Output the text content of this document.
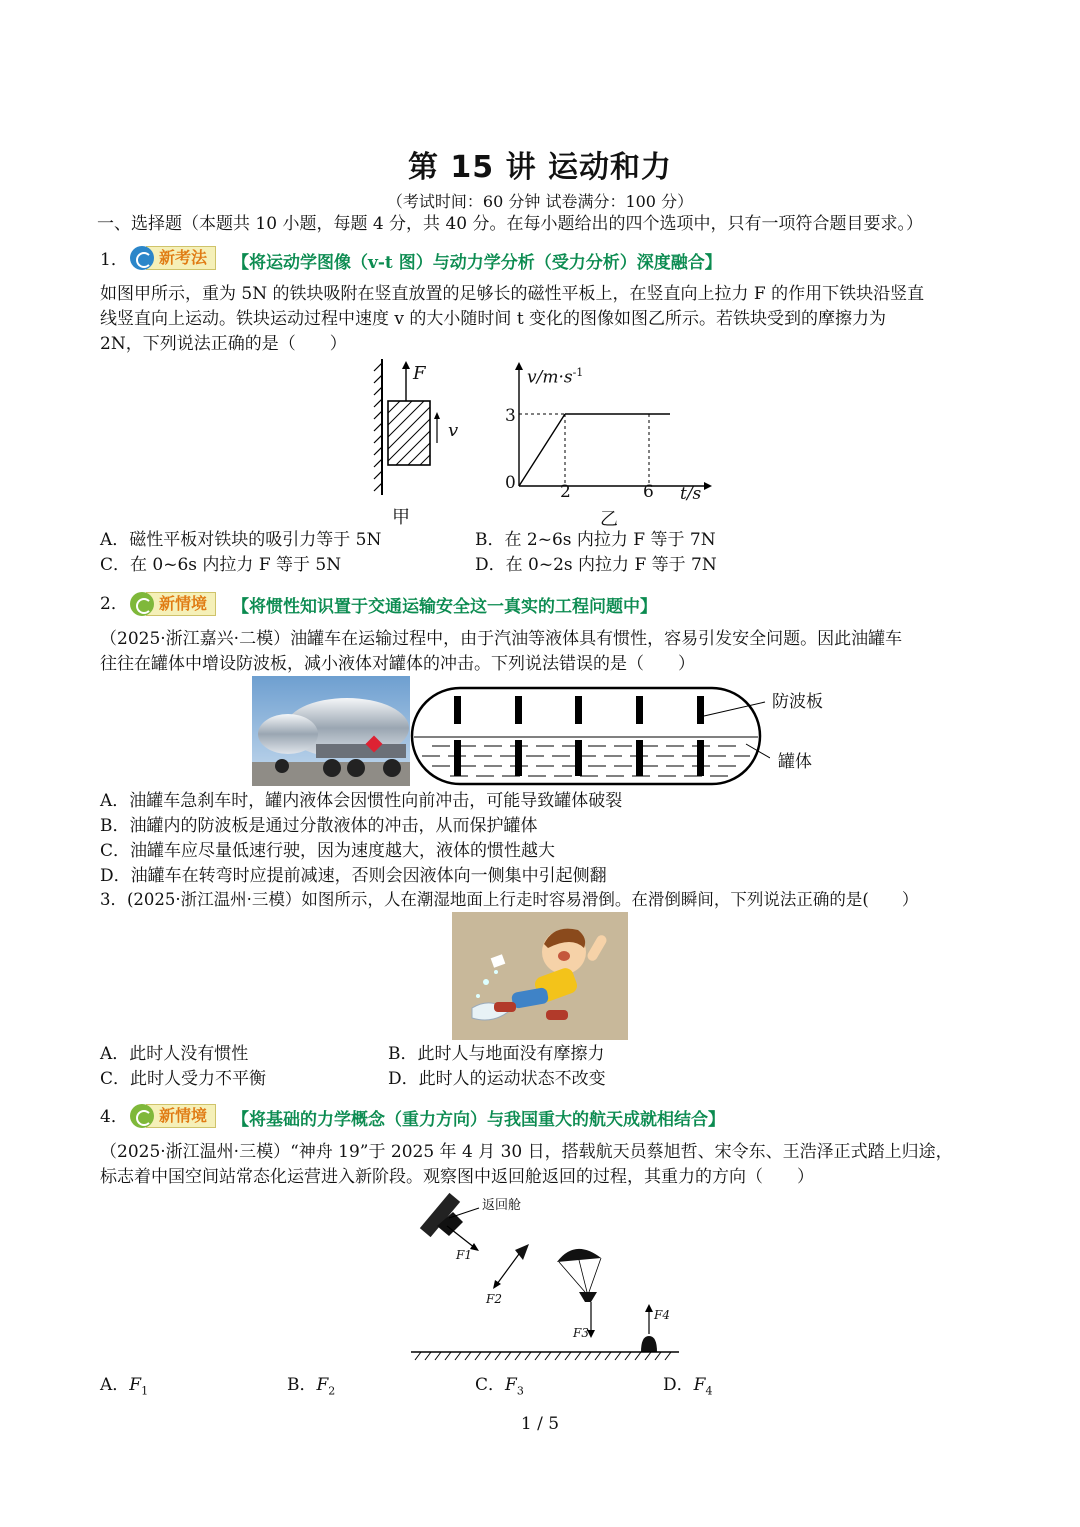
第 15 讲 运动和力
（考试时间：60 分钟 试卷满分：100 分）
一、选择题（本题共 10 小题，每题 4 分，共 40 分。在每小题给出的四个选项中，只有一项符合题目要求。）
1．	新考法	【将运动学图像（v-t 图）与动力学分析（受力分析）深度融合】
如图甲所示，重为 5N 的铁块吸附在竖直放置的足够长的磁性平板上，在竖直向上拉力 F 的作用下铁块沿竖直
线竖直向上运动。铁块运动过程中速度 v 的大小随时间 t 变化的图像如图乙所示。若铁块受到的摩擦力为
2N，下列说法正确的是（　　）
F
v
甲
$v/m\cdot s^{-1}$
3
0	2	6 t/s
乙
A．磁性平板对铁块的吸引力等于 5N	B．在 2~6s 内拉力 F 等于 7N
C．在 0~6s 内拉力 F 等于 5N	D．在 0~2s 内拉力 F 等于 7N
2．	新情境	【将惯性知识置于交通运输安全这一真实的工程问题中】
（2025·浙江嘉兴·二模）油罐车在运输过程中，由于汽油等液体具有惯性，容易引发安全问题。因此油罐车
往往在罐体中增设防波板，减小液体对罐体的冲击。下列说法错误的是（　　）
防波板
罐体
A．油罐车急刹车时，罐内液体会因惯性向前冲击，可能导致罐体破裂
B．油罐内的防波板是通过分散液体的冲击，从而保护罐体
C．油罐车应尽量低速行驶，因为速度越大，液体的惯性越大
D．油罐车在转弯时应提前减速，否则会因液体向一侧集中引起侧翻
3．(2025·浙江温州·三模）如图所示，人在潮湿地面上行走时容易滑倒。在滑倒瞬间，下列说法正确的是(　　）
A．此时人没有惯性	B．此时人与地面没有摩擦力
C．此时人受力不平衡	D．此时人的运动状态不改变
4．	新情境	【将基础的力学概念（重力方向）与我国重大的航天成就相结合】
（2025·浙江温州·三模）“神舟 19”于 2025 年 4 月 30 日，搭载航天员蔡旭哲、宋令东、王浩泽正式踏上归途，
标志着中国空间站常态化运营进入新阶段。观察图中返回舱返回的过程，其重力的方向（　　）
返回舱
F1
F2
F3
F4
A．$F_1$	B．$F_2$	C．$F_3$	D．$F_4$
1 / 5
